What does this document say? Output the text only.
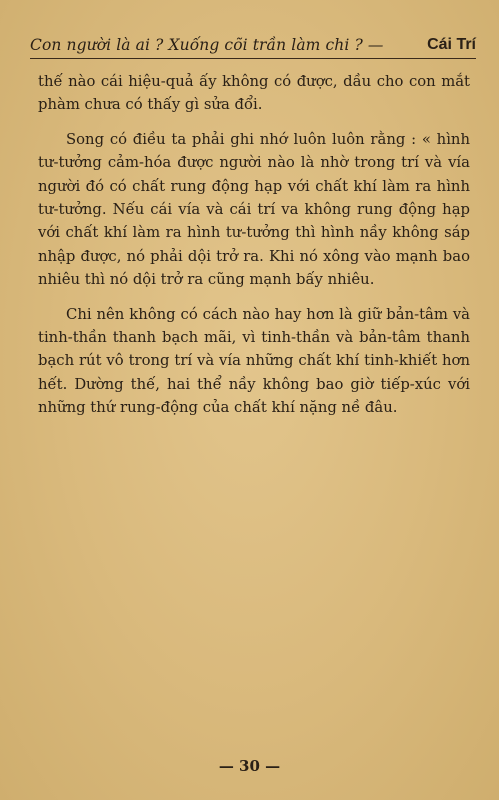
Con người là ai ? Xuống cõi trần làm chi ? —	Cái Trí

thế nào cái hiệu-quả ấy không có được, dầu cho con mắt phàm chưa có thấy gì sửa đổi.

Song có điều ta phải ghi nhớ luôn luôn rằng : « hình tư-tưởng cảm-hóa được người nào là nhờ trong trí và vía người đó có chất rung động hạp với chất khí làm ra hình tư-tưởng. Nếu cái vía và cái trí va không rung động hạp với chất khí làm ra hình tư-tưởng thì hình nầy không sáp nhập được, nó phải dội trở ra. Khi nó xông vào mạnh bao nhiêu thì nó dội trở ra cũng mạnh bấy nhiêu.

Chi nên không có cách nào hay hơn là giữ bản-tâm và tinh-thần thanh bạch mãi, vì tinh-thần và bản-tâm thanh bạch rút vô trong trí và vía những chất khí tinh-khiết hơn hết. Dường thế, hai thể nầy không bao giờ tiếp-xúc với những thứ rung-động của chất khí nặng nề đâu.

— 30 —
